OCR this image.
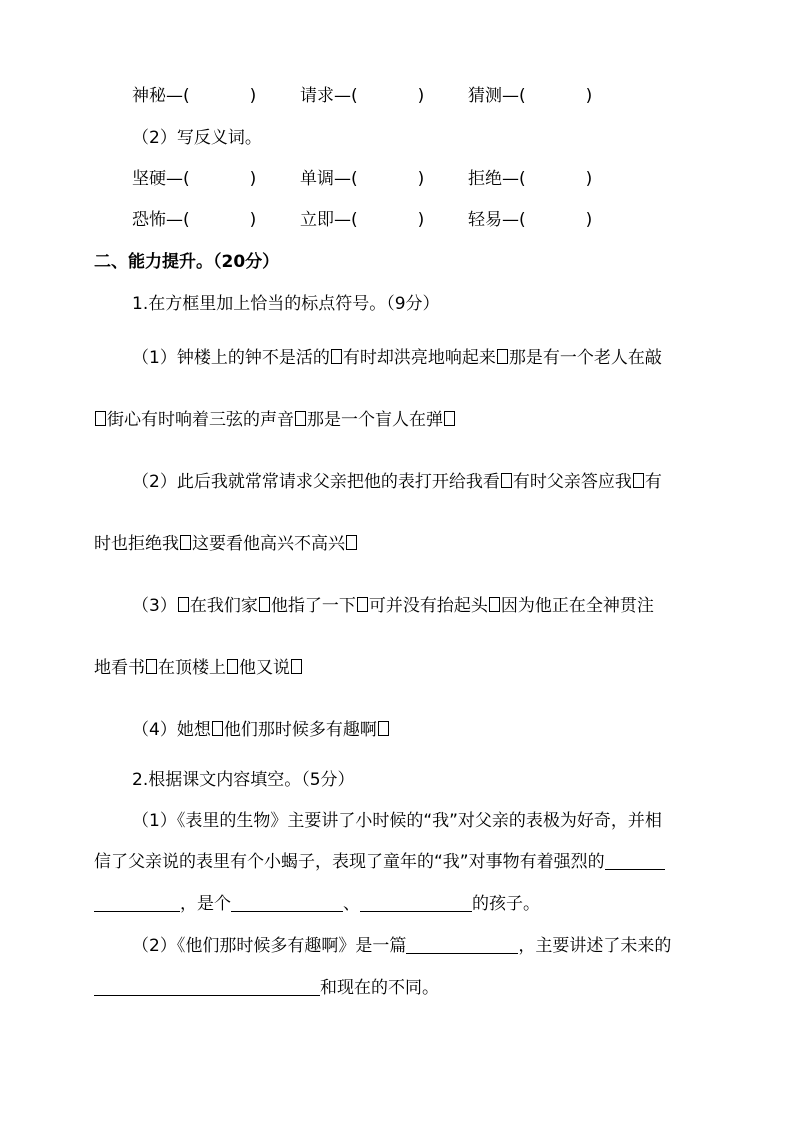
神秘—(	)	请求—(	)	猜测—(	)
（2）写反义词。
坚硬—(	)	单调—(	)	拒绝—(	)
恐怖—(	)	立即—(	)	轻易—(	)
二、能力提升。（20分）
1.在方框里加上恰当的标点符号。（9分）
（1）钟楼上的钟不是活的 有时却洪亮地响起来 那是有一个老人在敲
街心有时响着三弦的声音 那是一个盲人在弹
（2）此后我就常常请求父亲把他的表打开给我看 有时父亲答应我 有
时也拒绝我 这要看他高兴不高兴
（3） 在我们家 他指了一下 可并没有抬起头 因为他正在全神贯注
地看书 在顶楼上 他又说
（4）她想 他们那时候多有趣啊
2.根据课文内容填空。（5分）
（1）《表里的生物》主要讲了小时候的“我”对父亲的表极为好奇，并相
信了父亲说的表里有个小蝎子，表现了童年的“我”对事物有着强烈的
，是个	、	的孩子。
（2）《他们那时候多有趣啊》是一篇	，主要讲述了未来的
和现在的不同。
